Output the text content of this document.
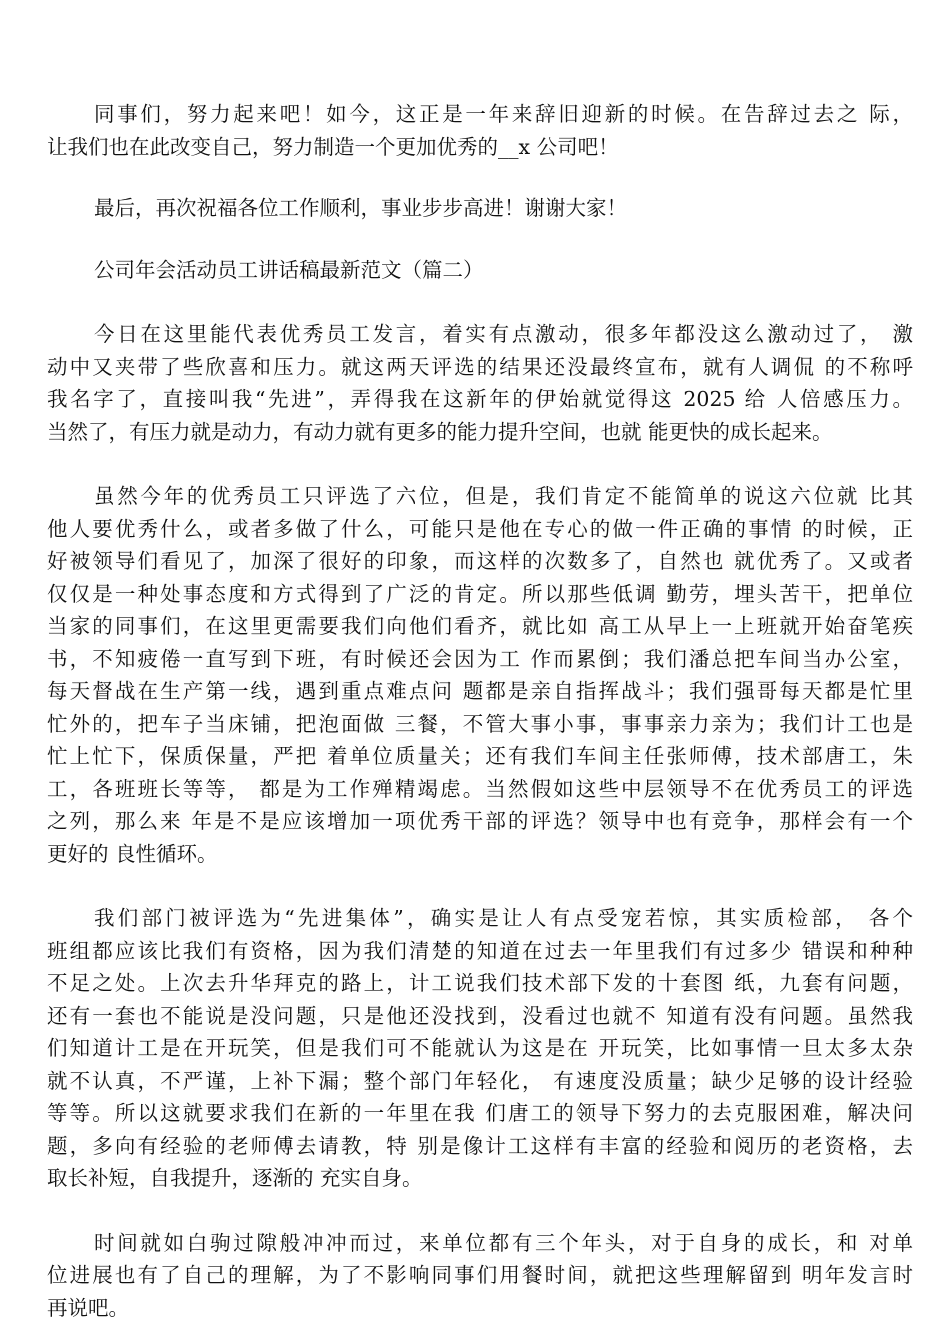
同事们，努力起来吧！如今，这正是一年来辞旧迎新的时候。在告辞过去之 际，
让我们也在此改变自己，努力制造一个更加优秀的__x 公司吧！
最后，再次祝福各位工作顺利，事业步步高进！谢谢大家！
公司年会活动员工讲话稿最新范文（篇二）
今日在这里能代表优秀员工发言，着实有点激动，很多年都没这么激动过了， 激
动中又夹带了些欣喜和压力。就这两天评选的结果还没最终宣布，就有人调侃 的不称呼
我名字了，直接叫我“先进”，弄得我在这新年的伊始就觉得这 2025 给 人倍感压力。
当然了，有压力就是动力，有动力就有更多的能力提升空间，也就 能更快的成长起来。
虽然今年的优秀员工只评选了六位，但是，我们肯定不能简单的说这六位就 比其
他人要优秀什么，或者多做了什么，可能只是他在专心的做一件正确的事情 的时候，正
好被领导们看见了，加深了很好的印象，而这样的次数多了，自然也 就优秀了。又或者
仅仅是一种处事态度和方式得到了广泛的肯定。所以那些低调 勤劳，埋头苦干，把单位
当家的同事们，在这里更需要我们向他们看齐，就比如 高工从早上一上班就开始奋笔疾
书，不知疲倦一直写到下班，有时候还会因为工 作而累倒；我们潘总把车间当办公室，
每天督战在生产第一线，遇到重点难点问 题都是亲自指挥战斗；我们强哥每天都是忙里
忙外的，把车子当床铺，把泡面做 三餐，不管大事小事，事事亲力亲为；我们计工也是
忙上忙下，保质保量，严把 着单位质量关；还有我们车间主任张师傅，技术部唐工，朱
工，各班班长等等， 都是为工作殚精竭虑。当然假如这些中层领导不在优秀员工的评选
之列，那么来 年是不是应该增加一项优秀干部的评选？领导中也有竞争，那样会有一个
更好的 良性循环。
我们部门被评选为“先进集体”，确实是让人有点受宠若惊，其实质检部， 各个
班组都应该比我们有资格，因为我们清楚的知道在过去一年里我们有过多少 错误和种种
不足之处。上次去升华拜克的路上，计工说我们技术部下发的十套图 纸，九套有问题，
还有一套也不能说是没问题，只是他还没找到，没看过也就不 知道有没有问题。虽然我
们知道计工是在开玩笑，但是我们可不能就认为这是在 开玩笑，比如事情一旦太多太杂
就不认真，不严谨，上补下漏；整个部门年轻化， 有速度没质量；缺少足够的设计经验
等等。所以这就要求我们在新的一年里在我 们唐工的领导下努力的去克服困难，解决问
题，多向有经验的老师傅去请教，特 别是像计工这样有丰富的经验和阅历的老资格，去
取长补短，自我提升，逐渐的 充实自身。
时间就如白驹过隙般冲冲而过，来单位都有三个年头，对于自身的成长，和 对单
位进展也有了自己的理解，为了不影响同事们用餐时间，就把这些理解留到 明年发言时
再说吧。
